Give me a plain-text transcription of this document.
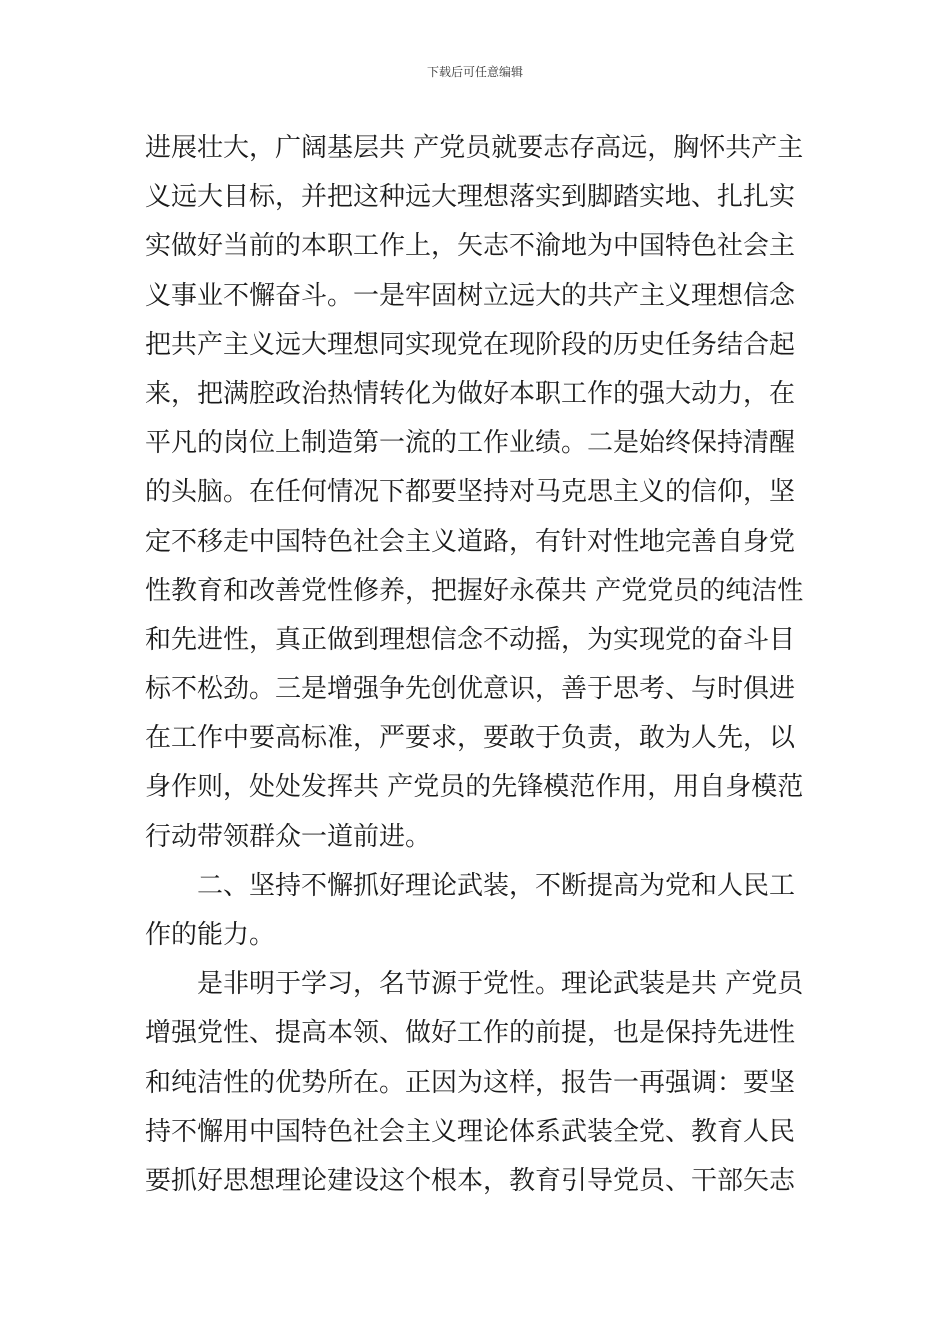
下载后可任意编辑
进展壮大，广阔基层共 产党员就要志存高远，胸怀共产主
义远大目标，并把这种远大理想落实到脚踏实地、扎扎实
实做好当前的本职工作上，矢志不渝地为中国特色社会主
义事业不懈奋斗。一是牢固树立远大的共产主义理想信念
把共产主义远大理想同实现党在现阶段的历史任务结合起
来，把满腔政治热情转化为做好本职工作的强大动力，在
平凡的岗位上制造第一流的工作业绩。二是始终保持清醒
的头脑。在任何情况下都要坚持对马克思主义的信仰，坚
定不移走中国特色社会主义道路，有针对性地完善自身党
性教育和改善党性修养，把握好永葆共 产党党员的纯洁性
和先进性，真正做到理想信念不动摇，为实现党的奋斗目
标不松劲。三是增强争先创优意识，善于思考、与时俱进
在工作中要高标准，严要求，要敢于负责，敢为人先，以
身作则，处处发挥共 产党员的先锋模范作用，用自身模范
行动带领群众一道前进。
二、坚持不懈抓好理论武装，不断提高为党和人民工
作的能力。
是非明于学习，名节源于党性。理论武装是共 产党员
增强党性、提高本领、做好工作的前提，也是保持先进性
和纯洁性的优势所在。正因为这样，报告一再强调：要坚
持不懈用中国特色社会主义理论体系武装全党、教育人民
要抓好思想理论建设这个根本，教育引导党员、干部矢志
